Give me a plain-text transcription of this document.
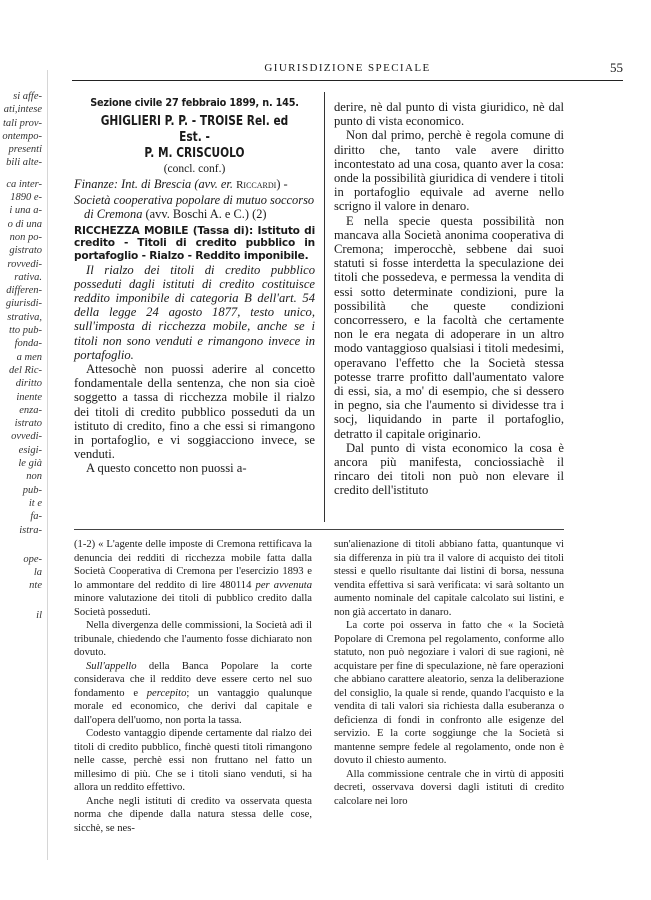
si affe-
ati,intese
tali prov-
ontempo-
presenti
bili alte-
ca inter-
1890 e-
i una a-
o di una
non po-
gistrato
rovvedi-
rativa.
differen-
giurisdi-
strativa,
tto pub-
fonda-
a men
del Ric-
diritto
inente
enza-
istrato
ovvedi-
esigi-
le già
non
pub-
it e
fa-
istra-
ope-
la
nte
il
GIURISDIZIONE SPECIALE	55
Sezione civile 27 febbraio 1899, n. 145.
GHIGLIERI P. P. - TROISE Rel. ed Est. -
P. M. CRISCUOLO
(concl. conf.)
Finanze: Int. di Brescia (avv. er. Riccardi) -
Società cooperativa popolare di mutuo soccorso di Cremona (avv. Boschi A. e C.) (2)
RICCHEZZA MOBILE (Tassa di): Istituto di credito - Titoli di credito pubblico in portafoglio - Rialzo - Reddito imponibile.

Il rialzo dei titoli di credito pubblico posseduti dagli istituti di credito costituisce reddito imponibile di categoria B dell'art. 54 della legge 24 agosto 1877, testo unico, sull'imposta di ricchezza mobile, anche se i titoli non sono venduti e rimangono invece in portafoglio.

Attesochè non puossi aderire al concetto fondamentale della sentenza, che non sia cioè soggetto a tassa di ricchezza mobile il rialzo dei titoli di credito pubblico posseduti da un istituto di credito, fino a che essi si rimangono in portafoglio, e vi soggiacciono invece, se venduti.

A questo concetto non puossi a-

derire, nè dal punto di vista giuridico, nè dal punto di vista economico.

Non dal primo, perchè è regola comune di diritto che, tanto vale avere diritto incontestato ad una cosa, quanto aver la cosa: onde la possibilità giuridica di vendere i titoli in portafoglio equivale ad averne nello scrigno il valore in denaro.

E nella specie questa possibilità non mancava alla Società anonima cooperativa di Cremona; imperocchè, sebbene dai suoi statuti si fosse interdetta la speculazione dei titoli che possedeva, e permessa la vendita di essi sotto determinate condizioni, pure la possibilità che queste condizioni concorressero, e la facoltà che certamente non le era negata di adoperare in un altro modo vantaggioso qualsiasi i titoli medesimi, operavano l'effetto che la Società stessa potesse trarre profitto dall'aumentato valore di essi, sia, a mo' di esempio, che si dessero in pegno, sia che l'aumento si dividesse tra i socj, liquidando in parte il portafoglio, detratto il capitale originario.

Dal punto di vista economico la cosa è ancora più manifesta, conciossiachè il rincaro dei titoli non può non elevare il credito dell'istituto

(1-2) « L'agente delle imposte di Cremona rettificava la denuncia dei redditi di ricchezza mobile fatta dalla Società Cooperativa di Cremona per l'esercizio 1893 e lo ammontare del reddito di lire 480114 per avvenuta minore valutazione dei titoli di pubblico credito dalla Società posseduti.

Nella divergenza delle commissioni, la Società adì il tribunale, chiedendo che l'aumento fosse dichiarato non dovuto.

Sull'appello della Banca Popolare la corte considerava che il reddito deve essere certo nel suo fondamento e percepito; un vantaggio qualunque morale ed economico, che derivi dal capitale e dall'opera dell'uomo, non porta la tassa.

Codesto vantaggio dipende certamente dal rialzo dei titoli di credito pubblico, finchè questi titoli rimangono nelle casse, perchè essi non fruttano nel fatto un millesimo di più. Che se i titoli siano venduti, si ha allora un reddito effettivo.

Anche negli istituti di credito va osservata questa norma che dipende dalla natura stessa delle cose, sicchè, se nes-

sun'alienazione di titoli abbiano fatta, quantunque vi sia differenza in più tra il valore di acquisto dei titoli stessi e quello risultante dai listini di borsa, nessuna vendita effettiva si sarà verificata: vi sarà soltanto un aumento nominale del capitale calcolato sui listini, e non già accertato in danaro.

La corte poi osserva in fatto che « la Società Popolare di Cremona pel regolamento, conforme allo statuto, non può negoziare i valori di sue ragioni, nè acquistare per fine di speculazione, nè fare operazioni che abbiano carattere aleatorio, senza la deliberazione del consiglio, la quale si rende, quando l'acquisto e la vendita di tali valori sia richiesta dalla esuberanza o deficienza di fondi in confronto alle esigenze del servizio. E la corte soggiunge che la Società si mantenne sempre fedele al regolamento, onde non è dovuto il chiesto aumento.

Alla commissione centrale che in virtù di appositi decreti, osservava doversi dagli istituti di credito calcolare nei loro
